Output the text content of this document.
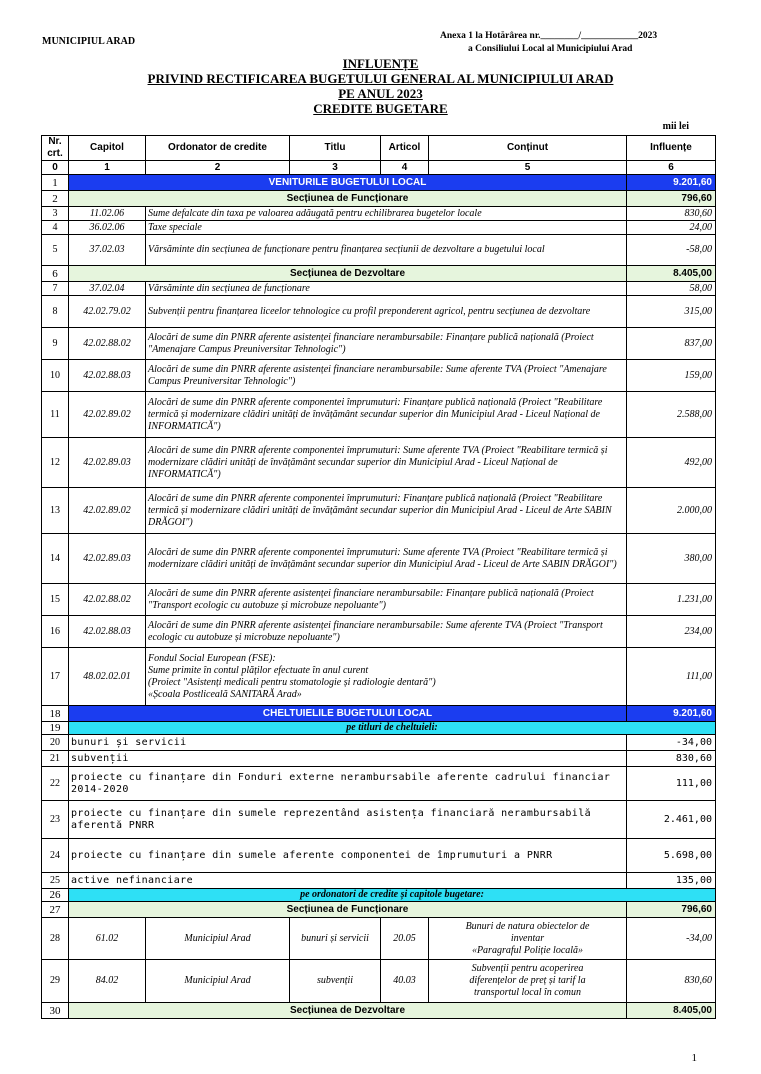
MUNICIPIUL ARAD	Anexa 1 la Hotărârea nr.________/____________2023
a Consiliului Local al Municipiului Arad
INFLUENȚE
PRIVIND RECTIFICAREA BUGETULUI GENERAL AL MUNICIPIULUI ARAD
PE ANUL 2023
CREDITE BUGETARE
mii lei
Nr. crt.	Capitol	Ordonator de credite	Titlu	Articol	Conținut	Influențe
0	1	2	3	4	5	6
1	VENITURILE BUGETULUI LOCAL					9.201,60
2	Secțiunea de Funcționare					796,60
3	11.02.06	Sume defalcate din taxa pe valoarea adăugată pentru echilibrarea bugetelor locale				830,60
4	36.02.06	Taxe speciale				24,00
5	37.02.03	Vărsăminte din secțiunea de funcționare pentru finanțarea secțiunii de dezvoltare a bugetului local				-58,00
6	Secțiunea de Dezvoltare					8.405,00
7	37.02.04	Vărsăminte din secțiunea de funcționare				58,00
8	42.02.79.02	Subvenții pentru finanțarea liceelor tehnologice cu profil preponderent agricol, pentru secțiunea de dezvoltare				315,00
9	42.02.88.02	Alocări de sume din PNRR aferente asistenței financiare nerambursabile: Finanțare publică națională (Proiect "Amenajare Campus Preuniversitar Tehnologic")				837,00
10	42.02.88.03	Alocări de sume din PNRR aferente asistenței financiare nerambursabile: Sume aferente TVA (Proiect "Amenajare Campus Preuniversitar Tehnologic")				159,00
11	42.02.89.02	Alocări de sume din PNRR aferente componentei împrumuturi: Finanțare publică națională (Proiect "Reabilitare termică și modernizare clădiri unități de învățământ secundar superior din Municipiul Arad - Liceul Național de INFORMATICĂ")				2.588,00
12	42.02.89.03	Alocări de sume din PNRR aferente componentei împrumuturi: Sume aferente TVA (Proiect "Reabilitare termică și modernizare clădiri unități de învățământ secundar superior din Municipiul Arad - Liceul Național de INFORMATICĂ")				492,00
13	42.02.89.02	Alocări de sume din PNRR aferente componentei împrumuturi: Finanțare publică națională (Proiect "Reabilitare termică și modernizare clădiri unități de învățământ secundar superior din Municipiul Arad - Liceul de Arte SABIN DRĂGOI")				2.000,00
14	42.02.89.03	Alocări de sume din PNRR aferente componentei împrumuturi: Sume aferente TVA (Proiect "Reabilitare termică și modernizare clădiri unități de învățământ secundar superior din Municipiul Arad - Liceul de Arte SABIN DRĂGOI")				380,00
15	42.02.88.02	Alocări de sume din PNRR aferente asistenței financiare nerambursabile: Finanțare publică națională (Proiect "Transport ecologic cu autobuze și microbuze nepoluante")				1.231,00
16	42.02.88.03	Alocări de sume din PNRR aferente asistenței financiare nerambursabile: Sume aferente TVA (Proiect "Transport ecologic cu autobuze și microbuze nepoluante")				234,00
17	48.02.02.01	Fondul Social European (FSE):
Sume primite în contul plăților efectuate în anul curent
(Proiect "Asistenți medicali pentru stomatologie și radiologie dentară")
«Școala Postliceală SANITARĂ Arad»				111,00
18	CHELTUIELILE BUGETULUI LOCAL					9.201,60
19	pe titluri de cheltuieli:					
20	bunuri și servicii					-34,00
21	subvenții					830,60
22	proiecte cu finanțare din Fonduri externe nerambursabile aferente cadrului financiar 2014-2020					111,00
23	proiecte cu finanțare din sumele reprezentând asistența financiară nerambursabilă aferentă PNRR					2.461,00
24	proiecte cu finanțare din sumele aferente componentei de împrumuturi a PNRR					5.698,00
25	active nefinanciare					135,00
26	pe ordonatori de credite și capitole bugetare:					
27	Secțiunea de Funcționare					796,60
28	61.02	Municipiul Arad	bunuri și servicii	20.05	Bunuri de natura obiectelor de
inventar
«Paragraful Poliție locală»	-34,00
29	84.02	Municipiul Arad	subvenții	40.03	Subvenții pentru acoperirea
diferențelor de preț și tarif la
transportul local în comun	830,60
30	Secțiunea de Dezvoltare					8.405,00
1
